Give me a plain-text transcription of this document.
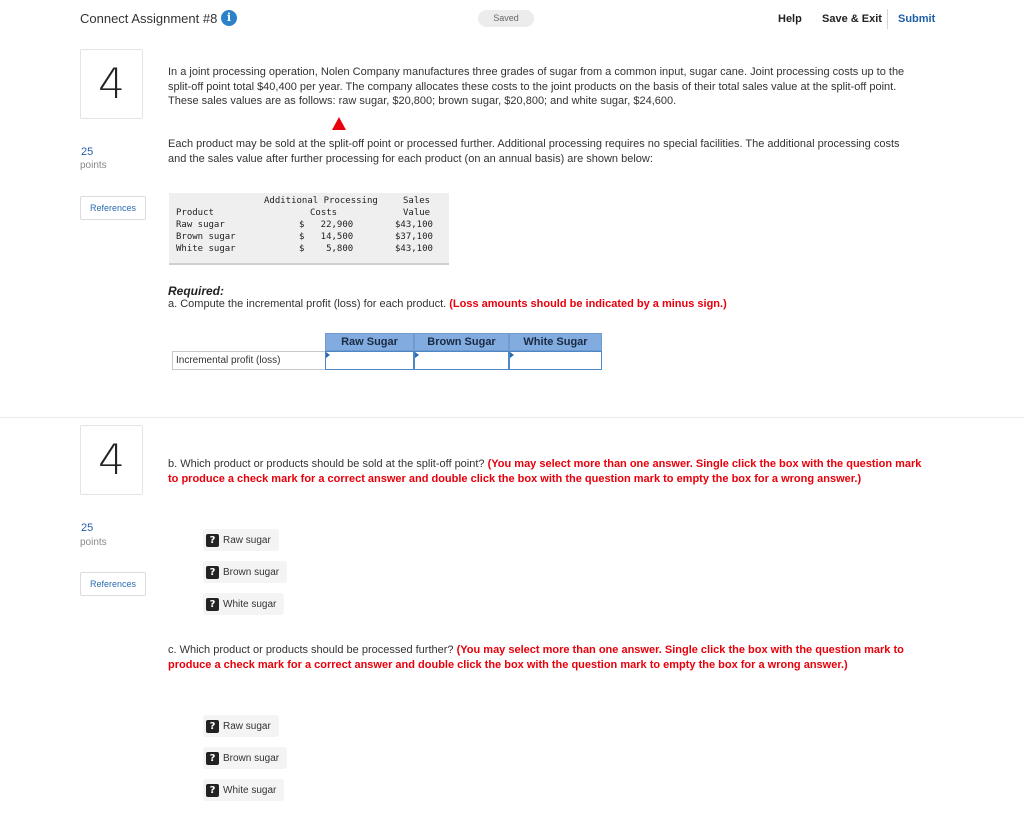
Connect Assignment #8 i	Saved	Help Save & Exit Submit
4
25
points
References
In a joint processing operation, Nolen Company manufactures three grades of sugar from a common input, sugar cane. Joint processing costs up to the split-off point total $40,400 per year. The company allocates these costs to the joint products on the basis of their total sales value at the split-off point. These sales values are as follows: raw sugar, $20,800; brown sugar, $20,800; and white sugar, $24,600.
Each product may be sold at the split-off point or processed further. Additional processing requires no special facilities. The additional processing costs and the sales value after further processing for each product (on an annual basis) are shown below:
Additional Processing
Costs
Sales
Value
Product
Raw sugar	$   22,900	$43,100
Brown sugar	$   14,500	$37,100
White sugar	$    5,800	$43,100
Required:
a. Compute the incremental profit (loss) for each product. (Loss amounts should be indicated by a minus sign.)
Raw Sugar	Brown Sugar	White Sugar
Incremental profit (loss)
4
25
points
References
b. Which product or products should be sold at the split-off point? (You may select more than one answer. Single click the box with the question mark to produce a check mark for a correct answer and double click the box with the question mark to empty the box for a wrong answer.)
? Raw sugar
? Brown sugar
? White sugar
c. Which product or products should be processed further? (You may select more than one answer. Single click the box with the question mark to produce a check mark for a correct answer and double click the box with the question mark to empty the box for a wrong answer.)
? Raw sugar
? Brown sugar
? White sugar
